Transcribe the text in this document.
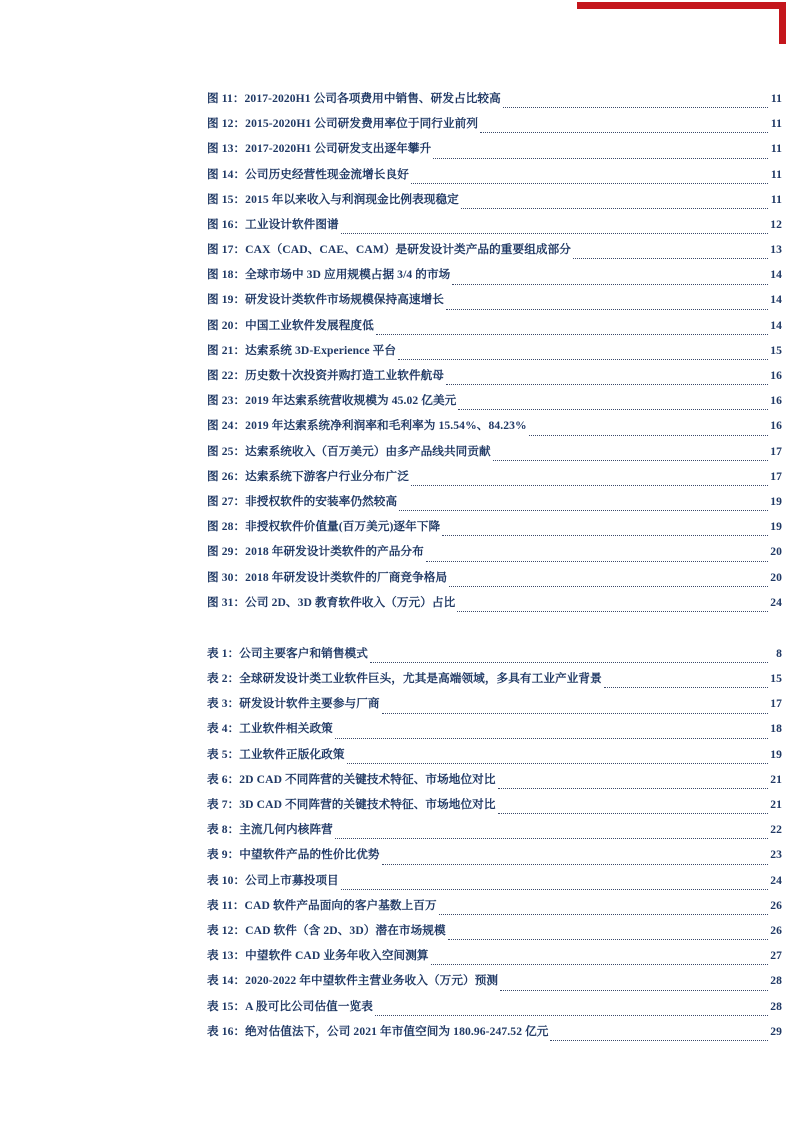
图 11：2017-2020H1 公司各项费用中销售、研发占比较高	11
图 12：2015-2020H1 公司研发费用率位于同行业前列	11
图 13：2017-2020H1 公司研发支出逐年攀升	11
图 14：公司历史经营性现金流增长良好	11
图 15：2015 年以来收入与利润现金比例表现稳定	11
图 16：工业设计软件图谱	12
图 17：CAX（CAD、CAE、CAM）是研发设计类产品的重要组成部分	13
图 18：全球市场中 3D 应用规模占据 3/4 的市场	14
图 19：研发设计类软件市场规模保持高速增长	14
图 20：中国工业软件发展程度低	14
图 21：达索系统 3D-Experience 平台	15
图 22：历史数十次投资并购打造工业软件航母	16
图 23：2019 年达索系统营收规模为 45.02 亿美元	16
图 24：2019 年达索系统净利润率和毛利率为 15.54%、84.23%	16
图 25：达索系统收入（百万美元）由多产品线共同贡献	17
图 26：达索系统下游客户行业分布广泛	17
图 27：非授权软件的安装率仍然较高	19
图 28：非授权软件价值量(百万美元)逐年下降	19
图 29：2018 年研发设计类软件的产品分布	20
图 30：2018 年研发设计类软件的厂商竞争格局	20
图 31：公司 2D、3D 教育软件收入（万元）占比	24
表 1：公司主要客户和销售模式	8
表 2：全球研发设计类工业软件巨头，尤其是高端领域，多具有工业产业背景	15
表 3：研发设计软件主要参与厂商	17
表 4：工业软件相关政策	18
表 5：工业软件正版化政策	19
表 6：2D CAD 不同阵营的关键技术特征、市场地位对比	21
表 7：3D CAD 不同阵营的关键技术特征、市场地位对比	21
表 8：主流几何内核阵营	22
表 9：中望软件产品的性价比优势	23
表 10：公司上市募投项目	24
表 11：CAD 软件产品面向的客户基数上百万	26
表 12：CAD 软件（含 2D、3D）潜在市场规模	26
表 13：中望软件 CAD 业务年收入空间测算	27
表 14：2020-2022 年中望软件主营业务收入（万元）预测	28
表 15：A 股可比公司估值一览表	28
表 16：绝对估值法下，公司 2021 年市值空间为 180.96-247.52 亿元	29
